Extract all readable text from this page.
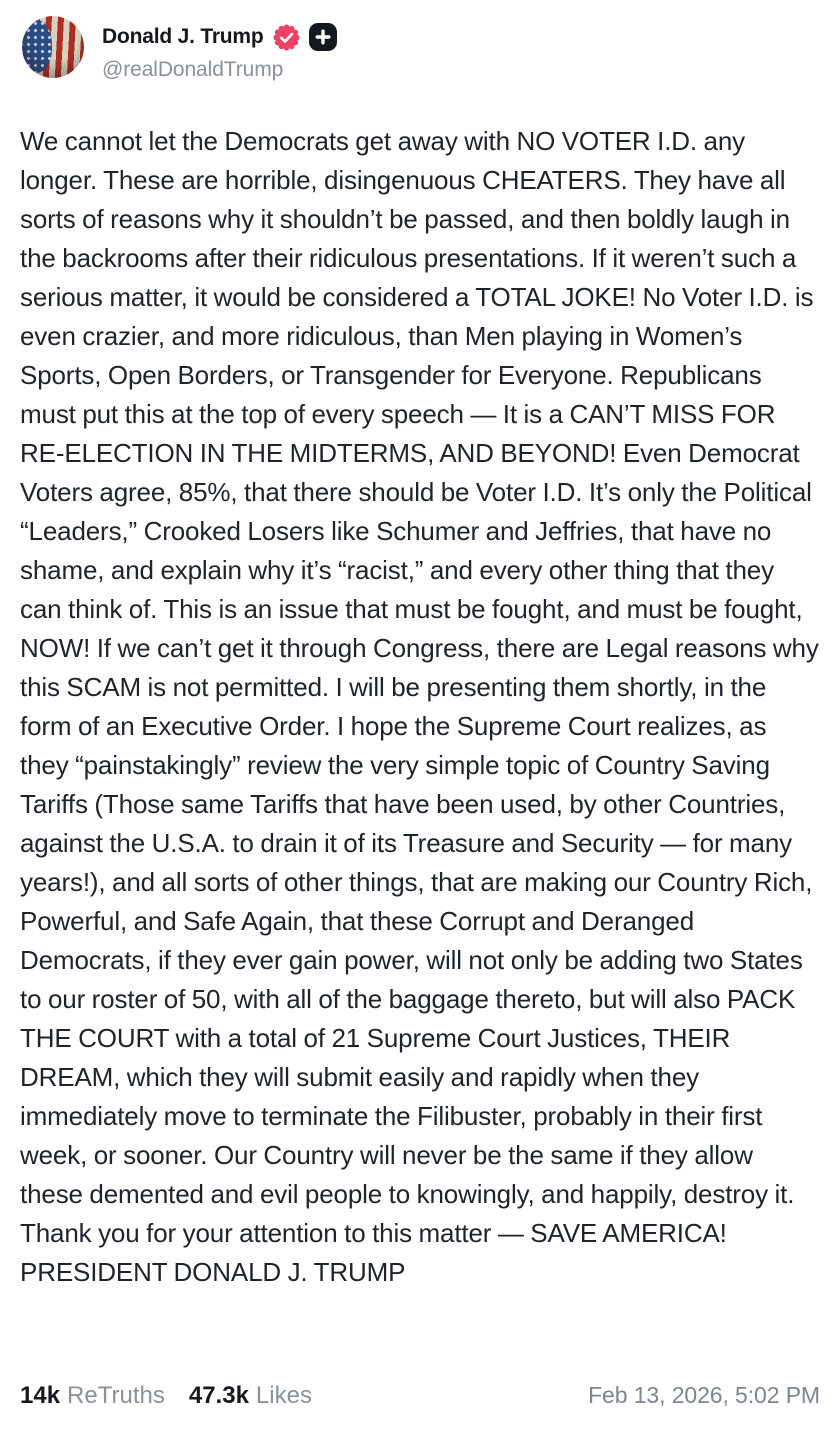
Donald J. Trump
@realDonaldTrump
We cannot let the Democrats get away with NO VOTER I.D. any longer. These are horrible, disingenuous CHEATERS. They have all sorts of reasons why it shouldn’t be passed, and then boldly laugh in the backrooms after their ridiculous presentations. If it weren’t such a serious matter, it would be considered a TOTAL JOKE! No Voter I.D. is even crazier, and more ridiculous, than Men playing in Women’s Sports, Open Borders, or Transgender for Everyone. Republicans must put this at the top of every speech — It is a CAN’T MISS FOR RE-ELECTION IN THE MIDTERMS, AND BEYOND! Even Democrat Voters agree, 85%, that there should be Voter I.D. It’s only the Political “Leaders,” Crooked Losers like Schumer and Jeffries, that have no shame, and explain why it’s “racist,” and every other thing that they can think of. This is an issue that must be fought, and must be fought, NOW! If we can’t get it through Congress, there are Legal reasons why this SCAM is not permitted. I will be presenting them shortly, in the form of an Executive Order. I hope the Supreme Court realizes, as they “painstakingly” review the very simple topic of Country Saving Tariffs (Those same Tariffs that have been used, by other Countries, against the U.S.A. to drain it of its Treasure and Security — for many years!), and all sorts of other things, that are making our Country Rich, Powerful, and Safe Again, that these Corrupt and Deranged Democrats, if they ever gain power, will not only be adding two States to our roster of 50, with all of the baggage thereto, but will also PACK THE COURT with a total of 21 Supreme Court Justices, THEIR DREAM, which they will submit easily and rapidly when they immediately move to terminate the Filibuster, probably in their first week, or sooner. Our Country will never be the same if they allow these demented and evil people to knowingly, and happily, destroy it. Thank you for your attention to this matter — SAVE AMERICA! PRESIDENT DONALD J. TRUMP
14k ReTruths 47.3k Likes	Feb 13, 2026, 5:02 PM
